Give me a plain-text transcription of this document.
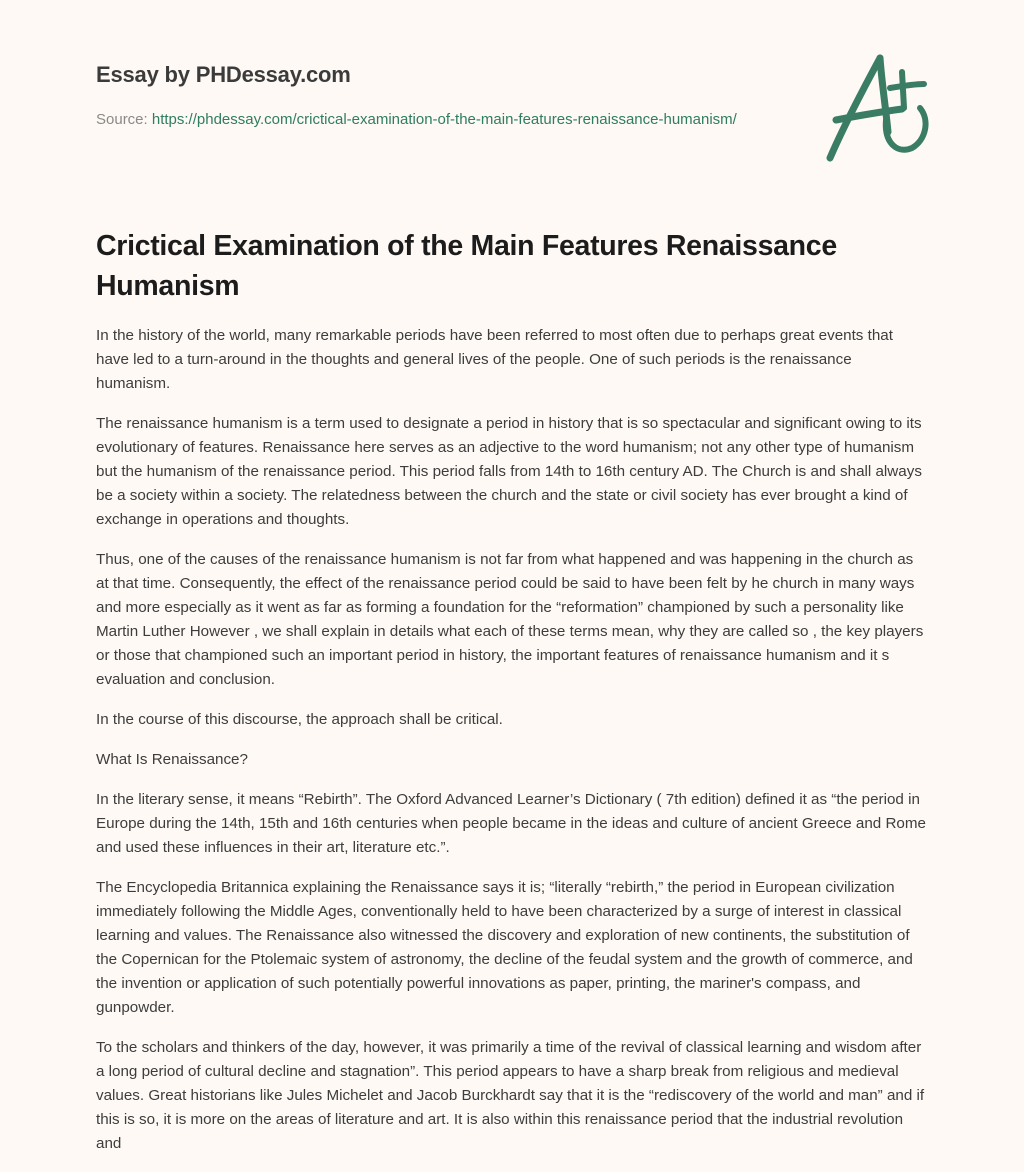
Essay by PHDessay.com
Source: https://phdessay.com/crictical-examination-of-the-main-features-renaissance-humanism/
Crictical Examination of the Main Features Renaissance Humanism

In the history of the world, many remarkable periods have been referred to most often due to perhaps great events that have led to a turn-around in the thoughts and general lives of the people. One of such periods is the renaissance humanism.

The renaissance humanism is a term used to designate a period in history that is so spectacular and significant owing to its evolutionary of features. Renaissance here serves as an adjective to the word humanism; not any other type of humanism but the humanism of the renaissance period. This period falls from 14th to 16th century AD. The Church is and shall always be a society within a society. The relatedness between the church and the state or civil society has ever brought a kind of exchange in operations and thoughts.

Thus, one of the causes of the renaissance humanism is not far from what happened and was happening in the church as at that time. Consequently, the effect of the renaissance period could be said to have been felt by he church in many ways and more especially as it went as far as forming a foundation for the “reformation” championed by such a personality like Martin Luther However , we shall explain in details what each of these terms mean, why they are called so , the key players or those that championed such an important period in history, the important features of renaissance humanism and it s evaluation and conclusion.

In the course of this discourse, the approach shall be critical.

What Is Renaissance?

In the literary sense, it means “Rebirth”. The Oxford Advanced Learner’s Dictionary ( 7th edition) defined it as “the period in Europe during the 14th, 15th and 16th centuries when people became in the ideas and culture of ancient Greece and Rome and used these influences in their art, literature etc.”.

The Encyclopedia Britannica explaining the Renaissance says it is; “literally “rebirth,” the period in European civilization immediately following the Middle Ages, conventionally held to have been characterized by a surge of interest in classical learning and values. The Renaissance also witnessed the discovery and exploration of new continents, the substitution of the Copernican for the Ptolemaic system of astronomy, the decline of the feudal system and the growth of commerce, and the invention or application of such potentially powerful innovations as paper, printing, the mariner's compass, and gunpowder.

To the scholars and thinkers of the day, however, it was primarily a time of the revival of classical learning and wisdom after a long period of cultural decline and stagnation”. This period appears to have a sharp break from religious and medieval values. Great historians like Jules Michelet and Jacob Burckhardt say that it is the “rediscovery of the world and man” and if this is so, it is more on the areas of literature and art. It is also within this renaissance period that the industrial revolution and
